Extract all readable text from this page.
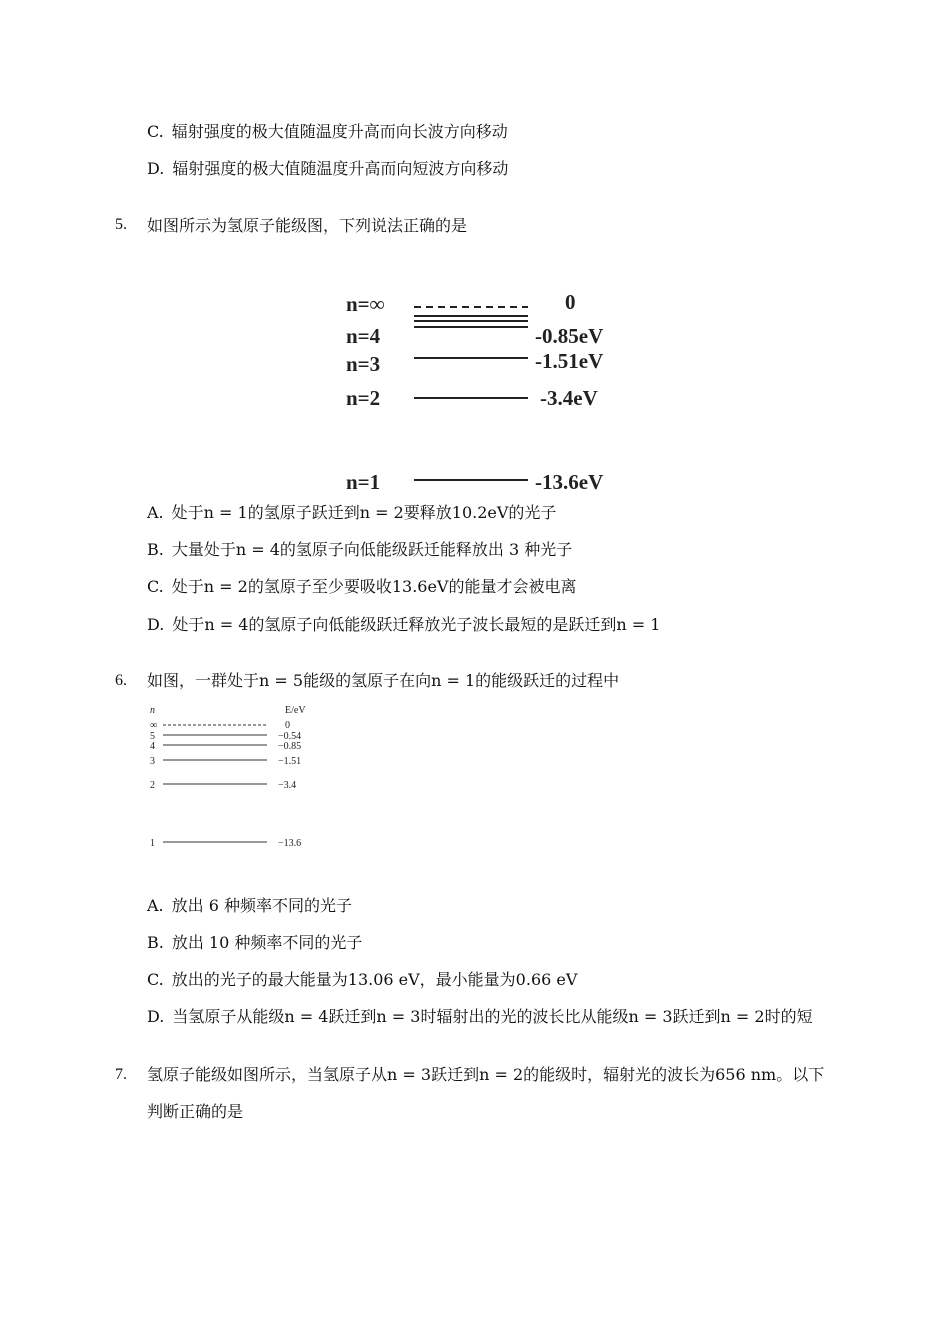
C. 辐射强度的极大值随温度升高而向长波方向移动
D. 辐射强度的极大值随温度升高而向短波方向移动
5. 如图所示为氢原子能级图，下列说法正确的是
n=∞
n=4
n=3
n=2
n=1
0
-0.85eV
-1.51eV
-3.4eV
-13.6eV
A. 处于n = 1的氢原子跃迁到n = 2要释放10.2eV的光子
B. 大量处于n = 4的氢原子向低能级跃迁能释放出 3 种光子
C. 处于n = 2的氢原子至少要吸收13.6eV的能量才会被电离
D. 处于n = 4的氢原子向低能级跃迁释放光子波长最短的是跃迁到n = 1
6. 如图，一群处于n = 5能级的氢原子在向n = 1的能级跃迁的过程中
n	E/eV
∞
5
4
3
2
1
0
−0.54
−0.85
−1.51
−3.4
−13.6
A. 放出 6 种频率不同的光子
B. 放出 10 种频率不同的光子
C. 放出的光子的最大能量为13.06 eV，最小能量为0.66 eV
D. 当氢原子从能级n = 4跃迁到n = 3时辐射出的光的波长比从能级n = 3跃迁到n = 2时的短
7. 氢原子能级如图所示，当氢原子从n = 3跃迁到n = 2的能级时，辐射光的波长为656 nm。以下
判断正确的是
